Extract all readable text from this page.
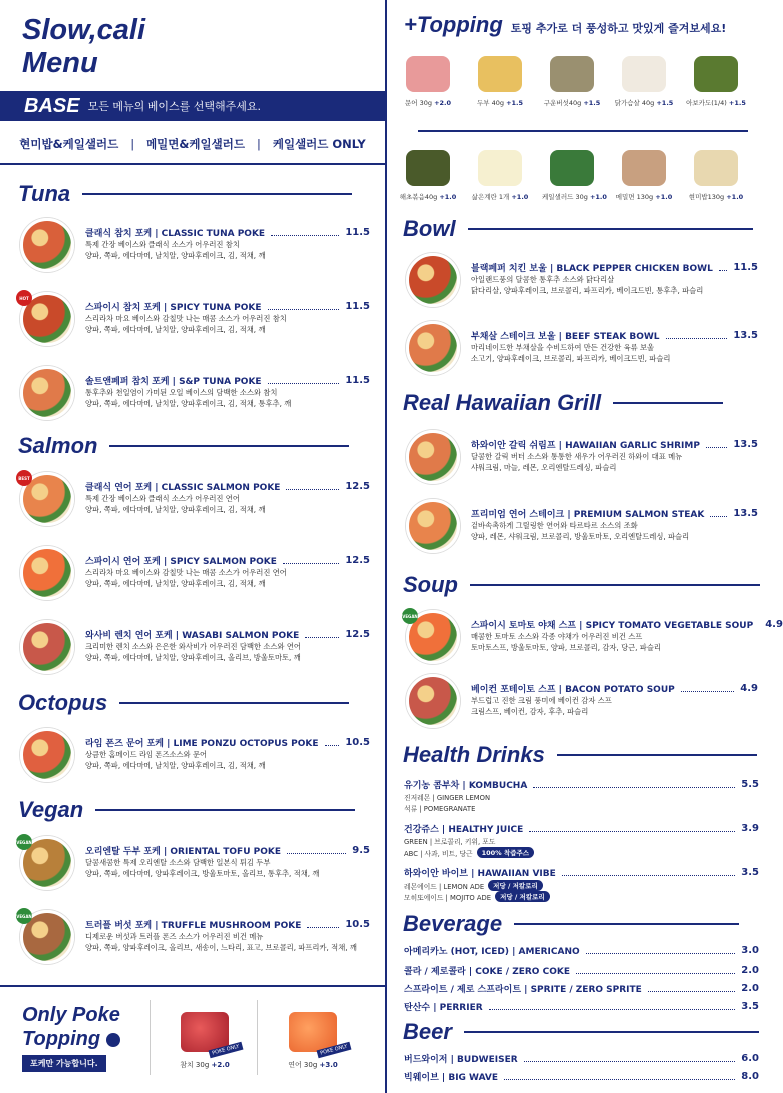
Slow,cali
Menu
BASE 모든 메뉴의 베이스를 선택해주세요.
현미밥&케일샐러드 | 메밀면&케일샐러드 | 케일샐러드 ONLY
Tuna
클래식 참치 포케 | CLASSIC TUNA POKE	11.5
특제 간장 베이스와 클래식 소스가 어우러진 참치
양파, 쪽파, 에다마메, 날치알, 양파후레이크, 김, 적채, 깨
HOT
스파이시 참치 포케 | SPICY TUNA POKE	11.5
스리라차 마요 베이스와 감칠맛 나는 매콤 소스가 어우러진 참치
양파, 쪽파, 에다마메, 날치알, 양파후레이크, 김, 적채, 깨
솔트앤페퍼 참치 포케 | S&P TUNA POKE	11.5
통후추와 천일염이 가미된 오일 베이스의 담백한 소스와 참치
양파, 쪽파, 에다마메, 날치알, 양파후레이크, 김, 적채, 통후추, 깨
Salmon
BEST
클래식 연어 포케 | CLASSIC SALMON POKE	12.5
특제 간장 베이스와 클래식 소스가 어우러진 연어
양파, 쪽파, 에다마메, 날치알, 양파후레이크, 김, 적채, 깨
스파이시 연어 포케 | SPICY SALMON POKE	12.5
스리라차 마요 베이스와 감칠맛 나는 매콤 소스가 어우러진 연어
양파, 쪽파, 에다마메, 날치알, 양파후레이크, 김, 적채, 깨
와사비 렌치 연어 포케 | WASABI SALMON POKE	12.5
크리미한 렌치 소스와 은은한 와사비가 어우러진 담백한 소스와 연어
양파, 쪽파, 에다마메, 날치알, 양파후레이크, 올리브, 방울토마토, 깨
Octopus
라임 폰즈 문어 포케 | LIME PONZU OCTOPUS POKE	10.5
상큼한 홈메이드 라임 폰즈소스와 문어
양파, 쪽파, 에다마메, 날치알, 양파후레이크, 김, 적채, 깨
Vegan
VEGAN
오리엔탈 두부 포케 | ORIENTAL TOFU POKE	9.5
달콤새콤한 특제 오리엔탈 소스와 담백한 일본식 튀김 두부
양파, 쪽파, 에다마메, 양파후레이크, 방울토마토, 올리브, 통후추, 적채, 깨
VEGAN
트러플 버섯 포케 | TRUFFLE MUSHROOM POKE	10.5
디제로운 버섯과 트러플 폰즈 소스가 어우러진 비건 메뉴
양파, 쪽파, 양파후레이크, 올리브, 새송이, 느타리, 표고, 브로콜리, 파프리카, 적채, 깨
Only Poke
Topping
포케만 가능합니다.
POKE ONLY
참치 30g +2.0
POKE ONLY
연어 30g +3.0
+Topping 토핑 추가로 더 풍성하고 맛있게 즐겨보세요!
문어 30g +2.0	두부 40g +1.5	구운버섯40g +1.5 닭가슴살 40g +1.5 아보카도(1/4) +1.5
해초볶음40g +1.0 삶은계란 1개 +1.0 케일샐러드 30g +1.0 메밀면 130g +1.0	현미밥130g +1.0
Bowl
블랙페퍼 치킨 보울 | BLACK PEPPER CHICKEN BOWL 11.5
아일랜드풍의 달콤한 통후추 소스와 닭다리살
닭다리살, 양파후레이크, 브로콜리, 파프리카, 베이크드빈, 통후추, 파슬리
부채살 스테이크 보울 | BEEF STEAK BOWL	13.5
마리네이드한 부채살을 수비드하여 만든 건강한 육류 보울
소고기, 양파후레이크, 브로콜리, 파프리카, 베이크드빈, 파슬리
Real Hawaiian Grill
하와이안 갈릭 쉬림프 | HAWAIIAN GARLIC SHRIMP	13.5
달콤한 갈릭 버터 소스와 통통한 새우가 어우러진 하와이 대표 메뉴
샤워크림, 마늘, 레몬, 오리엔탈드레싱, 파슬리
프리미엄 연어 스테이크 | PREMIUM SALMON STEAK	13.5
겉바속촉하게 그릴링한 연어와 타르타르 소스의 조화
양파, 레몬, 샤워크림, 브로콜리, 방울토마토, 오리엔탈드레싱, 파슬리
Soup
VEGAN
스파이시 토마토 야채 스프 | SPICY TOMATO VEGETABLE SOUP 4.9
매콤한 토마토 소스와 각종 야채가 어우러진 비건 스프
토마토스프, 방울토마토, 양파, 브로콜리, 감자, 당근, 파슬리
베이컨 포테이토 스프 | BACON POTATO SOUP	4.9
부드럽고 진한 크림 풍미에 베이컨 감자 스프
크림스프, 베이컨, 감자, 후추, 파슬리
Health Drinks
유기농 콤부차 | KOMBUCHA	5.5
진저레몬 | GINGER LEMON
석류 | POMEGRANATE
건강쥬스 | HEALTHY JUICE	3.9
GREEN | 브로콜리, 키위, 포도
ABC | 사과, 비트, 당근	100% 착즙주스
하와이안 바이브 | HAWAIIAN VIBE	3.5
레몬에이드 | LEMON ADE	저당 / 저칼로리
모히또에이드 | MOJITO ADE	저당 / 저칼로리
Beverage
아메리카노 (HOT, ICED) | AMERICANO	3.0
콜라 / 제로콜라 | COKE / ZERO COKE	2.0
스프라이트 / 제로 스프라이트 | SPRITE / ZERO SPRITE	2.0
탄산수 | PERRIER	3.5
Beer
버드와이저 | BUDWEISER	6.0
빅웨이브 | BIG WAVE	8.0
